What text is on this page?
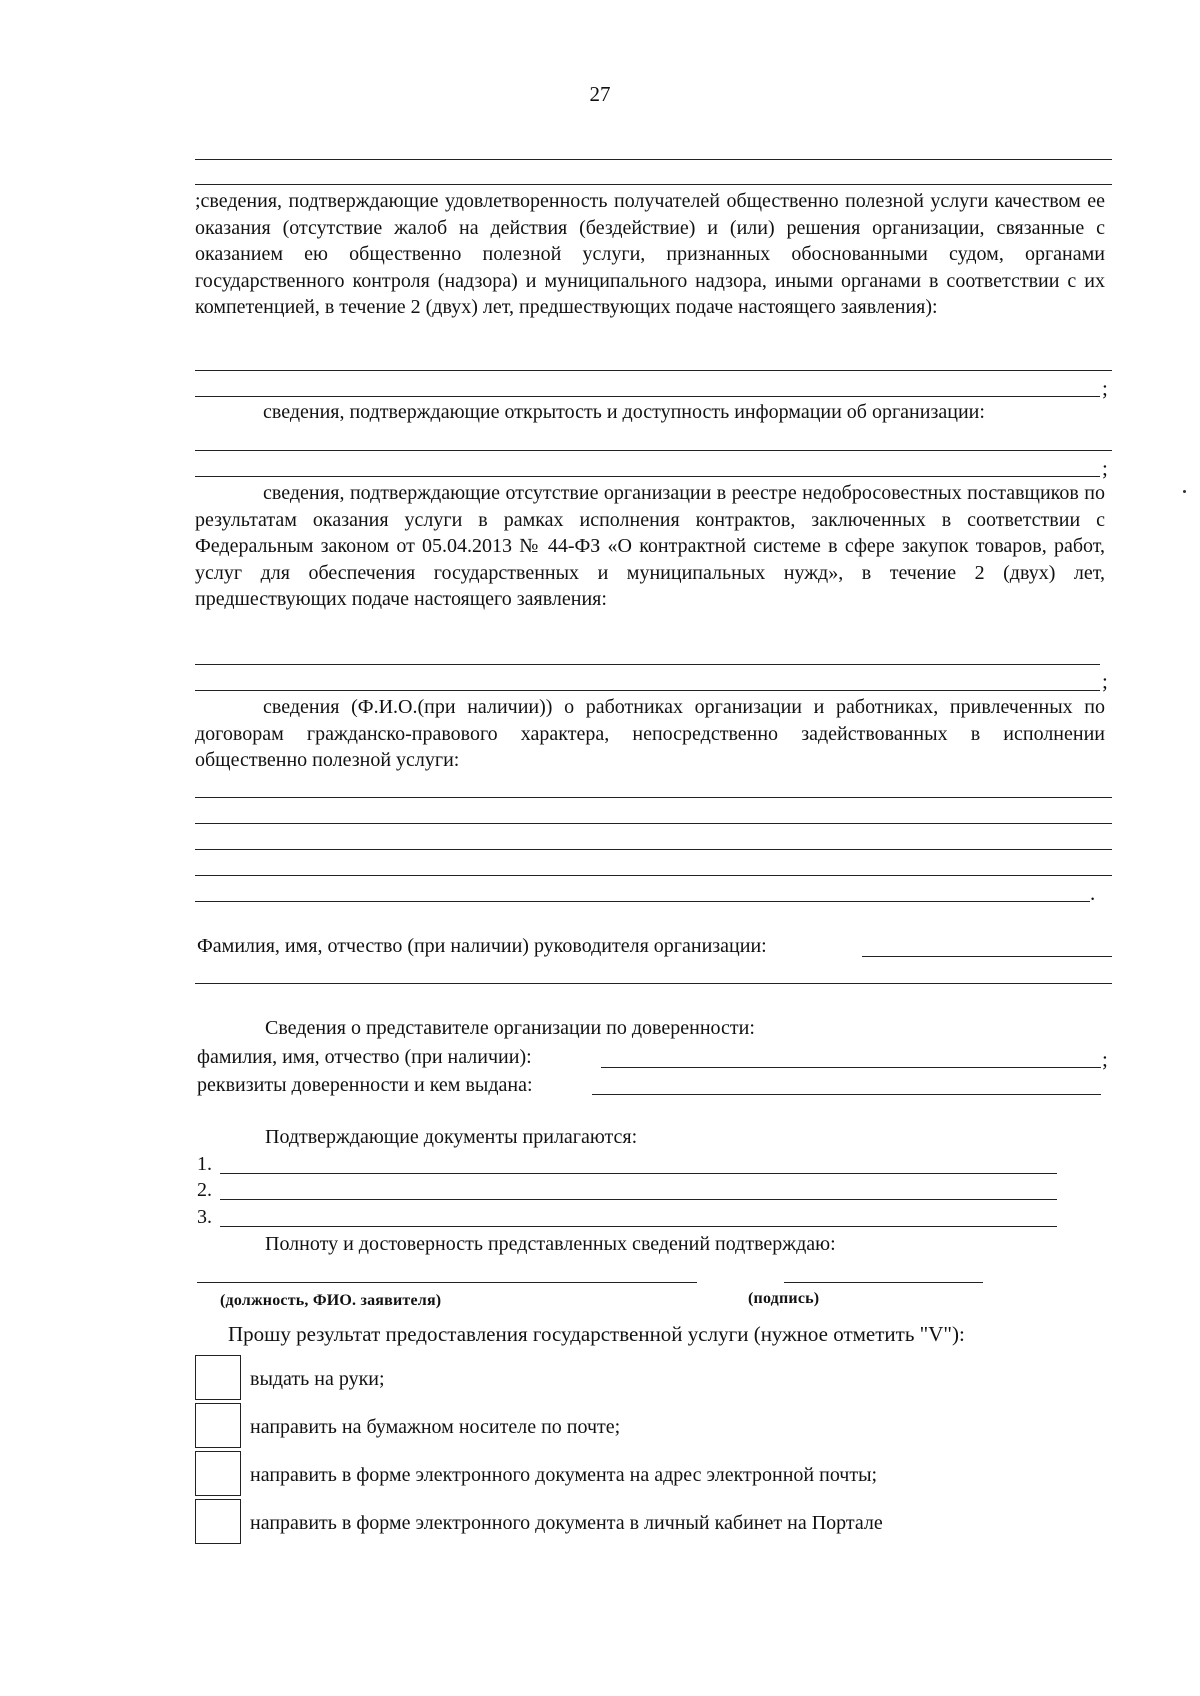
27
;сведения, подтверждающие удовлетворенность получателей общественно полезной услуги качеством ее оказания (отсутствие жалоб на действия (бездействие) и (или) решения организации, связанные с оказанием ею общественно полезной услуги, признанных обоснованными судом, органами государственного контроля (надзора) и муниципального надзора, иными органами в соответствии с их компетенцией, в течение 2 (двух) лет, предшествующих подаче настоящего заявления):
;
сведения, подтверждающие открытость и доступность информации об организации:
;
сведения, подтверждающие отсутствие организации в реестре недобросовестных поставщиков по результатам оказания услуги в рамках исполнения контрактов, заключенных в соответствии с Федеральным законом от 05.04.2013 № 44-ФЗ «О контрактной системе в сфере закупок товаров, работ, услуг для обеспечения государственных и муниципальных нужд», в течение 2 (двух) лет, предшествующих подаче настоящего заявления:
;
сведения (Ф.И.О.(при наличии)) о работниках организации и работниках, привлеченных по договорам гражданско-правового характера, непосредственно задействованных в исполнении общественно полезной услуги:
.
Фамилия, имя, отчество (при наличии) руководителя организации:
Сведения о представителе организации по доверенности:
фамилия, имя, отчество (при наличии):	;
реквизиты доверенности и кем выдана:
Подтверждающие документы прилагаются:
1.
2.
3.
Полноту и достоверность представленных сведений подтверждаю:
(должность, ФИО. заявителя)	(подпись)
Прошу результат предоставления государственной услуги (нужное отметить "V"):
выдать на руки;
направить на бумажном носителе по почте;
направить в форме электронного документа на адрес электронной почты;
направить в форме электронного документа в личный кабинет на Портале
